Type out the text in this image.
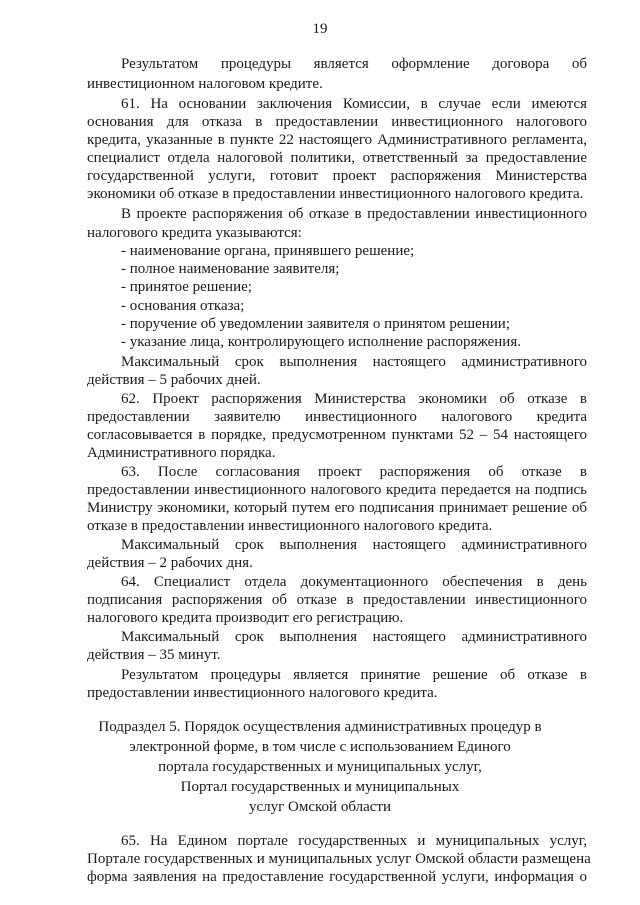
19
Результатом процедуры является оформление договора об
инвестиционном налоговом кредите.
61. На основании заключения Комиссии, в случае если имеются
основания для отказа в предоставлении инвестиционного налогового
кредита, указанные в пункте 22 настоящего Административного регламента,
специалист отдела налоговой политики, ответственный за предоставление
государственной услуги, готовит проект распоряжения Министерства
экономики об отказе в предоставлении инвестиционного налогового кредита.
В проекте распоряжения об отказе в предоставлении инвестиционного
налогового кредита указываются:
- наименование органа, принявшего решение;
- полное наименование заявителя;
- принятое решение;
- основания отказа;
- поручение об уведомлении заявителя о принятом решении;
- указание лица, контролирующего исполнение распоряжения.
Максимальный срок выполнения настоящего административного
действия – 5 рабочих дней.
62. Проект распоряжения Министерства экономики об отказе в
предоставлении заявителю инвестиционного налогового кредита
согласовывается в порядке, предусмотренном пунктами 52 – 54 настоящего
Административного порядка.
63. После согласования проект распоряжения об отказе в
предоставлении инвестиционного налогового кредита передается на подпись
Министру экономики, который путем его подписания принимает решение об
отказе в предоставлении инвестиционного налогового кредита.
Максимальный срок выполнения настоящего административного
действия – 2 рабочих дня.
64. Специалист отдела документационного обеспечения в день
подписания распоряжения об отказе в предоставлении инвестиционного
налогового кредита производит его регистрацию.
Максимальный срок выполнения настоящего административного
действия – 35 минут.
Результатом процедуры является принятие решение об отказе в
предоставлении инвестиционного налогового кредита.
Подраздел 5. Порядок осуществления административных процедур в
электронной форме, в том числе с использованием Единого
портала государственных и муниципальных услуг,
Портал государственных и муниципальных
услуг Омской области
65. На Едином портале государственных и муниципальных услуг,
Портале государственных и муниципальных услуг Омской области размещена
форма заявления на предоставление государственной услуги, информация о
